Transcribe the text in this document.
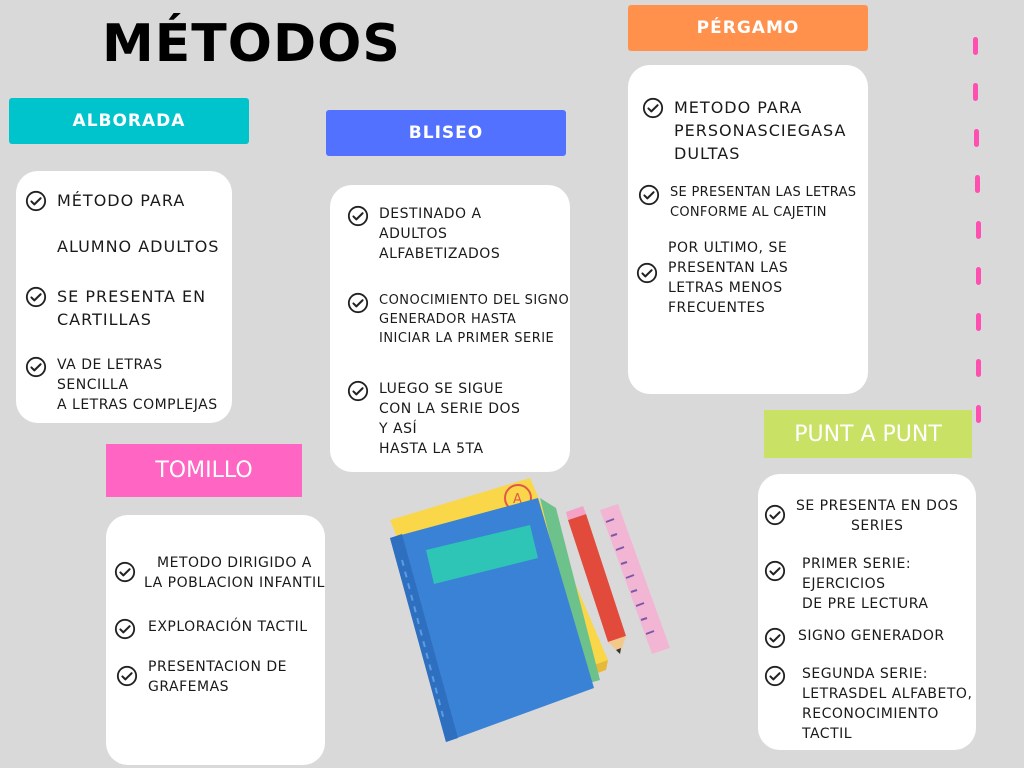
MÉTODOS
ALBORADA
MÉTODO PARA

ALUMNO ADULTOS
SE PRESENTA EN
CARTILLAS
VA DE LETRAS
SENCILLA
A LETRAS COMPLEJAS
BLISEO
DESTINADO A
ADULTOS
ALFABETIZADOS
CONOCIMIENTO DEL SIGNO
GENERADOR HASTA
INICIAR LA PRIMER SERIE
LUEGO SE SIGUE
CON LA SERIE DOS
Y ASÍ
HASTA LA 5TA
PÉRGAMO
METODO PARA
PERSONASCIEGASA
DULTAS
SE PRESENTAN LAS LETRAS
CONFORME AL CAJETIN
POR ULTIMO, SE
PRESENTAN LAS
LETRAS MENOS
FRECUENTES
PUNT A PUNT
SE PRESENTA EN DOS
SERIES
PRIMER SERIE:
EJERCICIOS
DE PRE LECTURA
SIGNO GENERADOR
SEGUNDA SERIE:
LETRASDEL ALFABETO,
RECONOCIMIENTO
TACTIL
TOMILLO
METODO DIRIGIDO A
LA POBLACION INFANTIL
EXPLORACIÓN TACTIL
PRESENTACION DE
GRAFEMAS
A
